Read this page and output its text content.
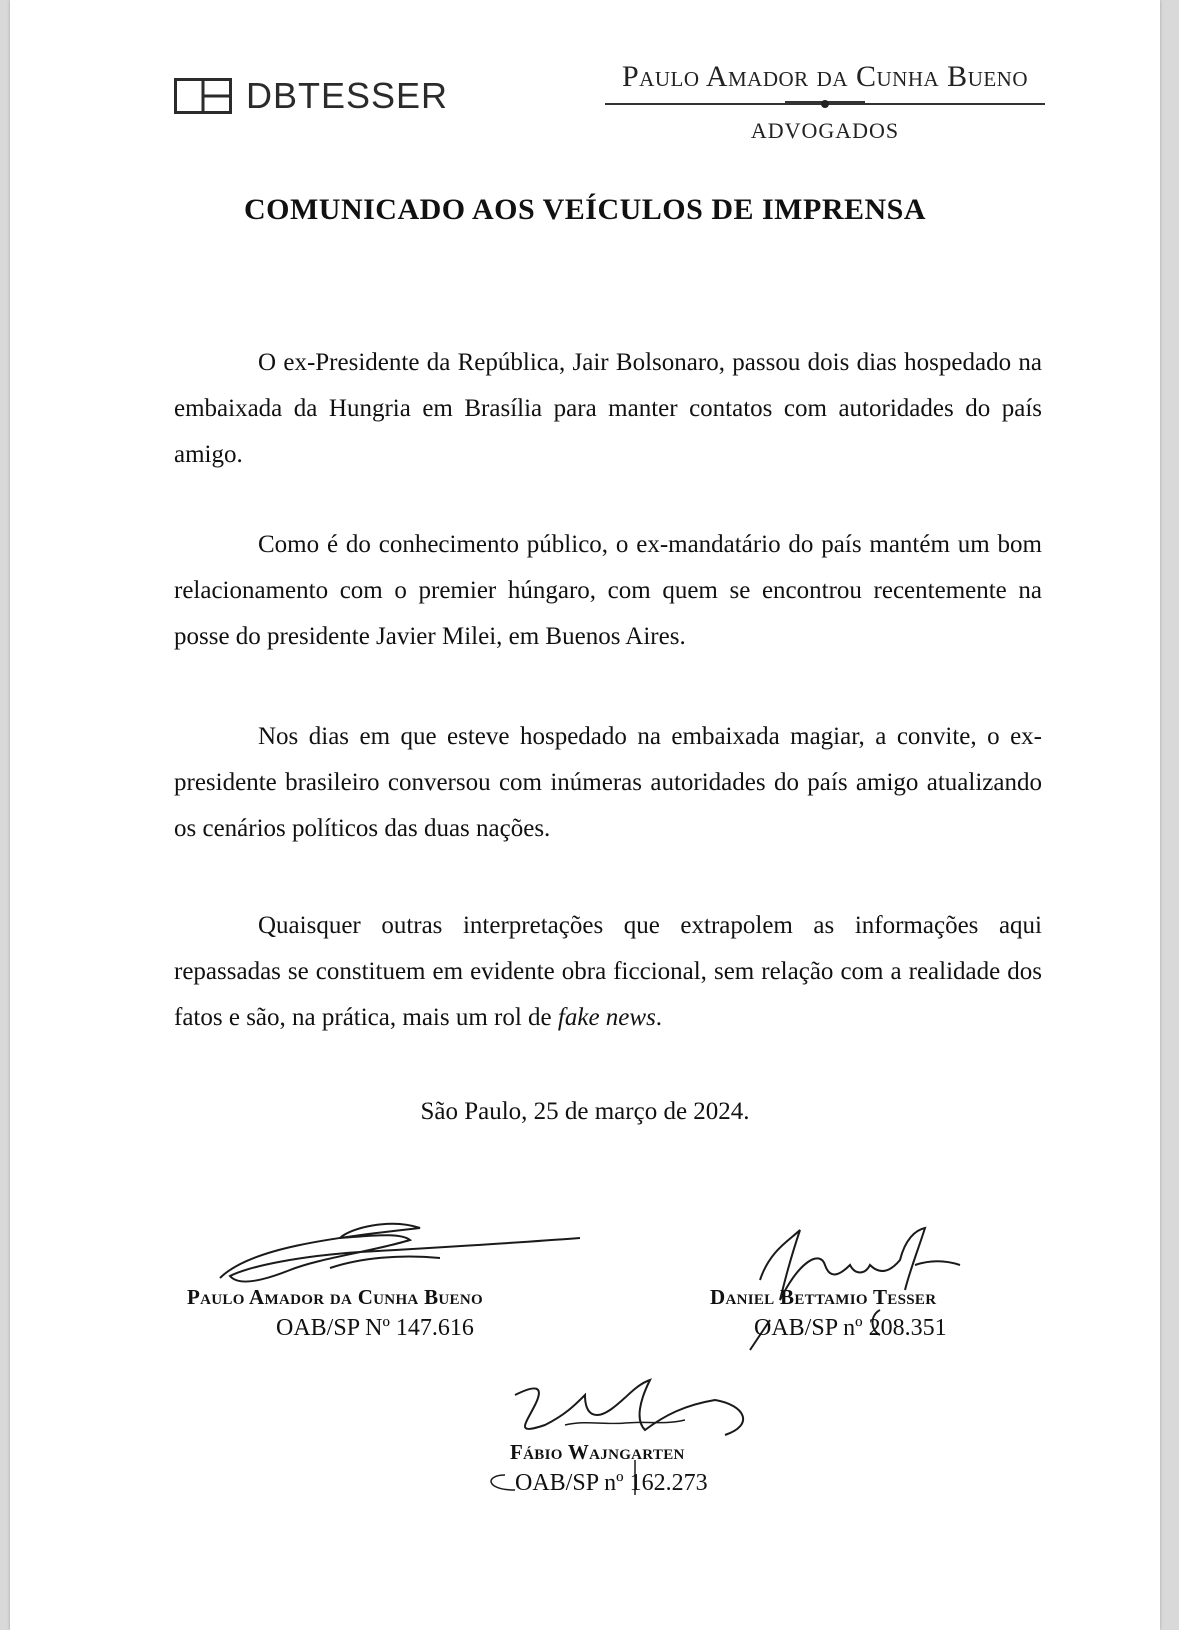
DBTESSER	Paulo Amador da Cunha Bueno
ADVOGADOS
COMUNICADO AOS VEÍCULOS DE IMPRENSA

O ex-Presidente da República, Jair Bolsonaro, passou dois dias hospedado na embaixada da Hungria em Brasília para manter contatos com autoridades do país amigo.

Como é do conhecimento público, o ex-mandatário do país mantém um bom relacionamento com o premier húngaro, com quem se encontrou recentemente na posse do presidente Javier Milei, em Buenos Aires.

Nos dias em que esteve hospedado na embaixada magiar, a convite, o ex-presidente brasileiro conversou com inúmeras autoridades do país amigo atualizando os cenários políticos das duas nações.

Quaisquer outras interpretações que extrapolem as informações aqui repassadas se constituem em evidente obra ficcional, sem relação com a realidade dos fatos e são, na prática, mais um rol de fake news.

São Paulo, 25 de março de 2024.
Paulo Amador da Cunha Bueno
OAB/SP Nº 147.616
Daniel Bettamio Tesser
OAB/SP nº 208.351
Fábio Wajngarten
OAB/SP nº 162.273
